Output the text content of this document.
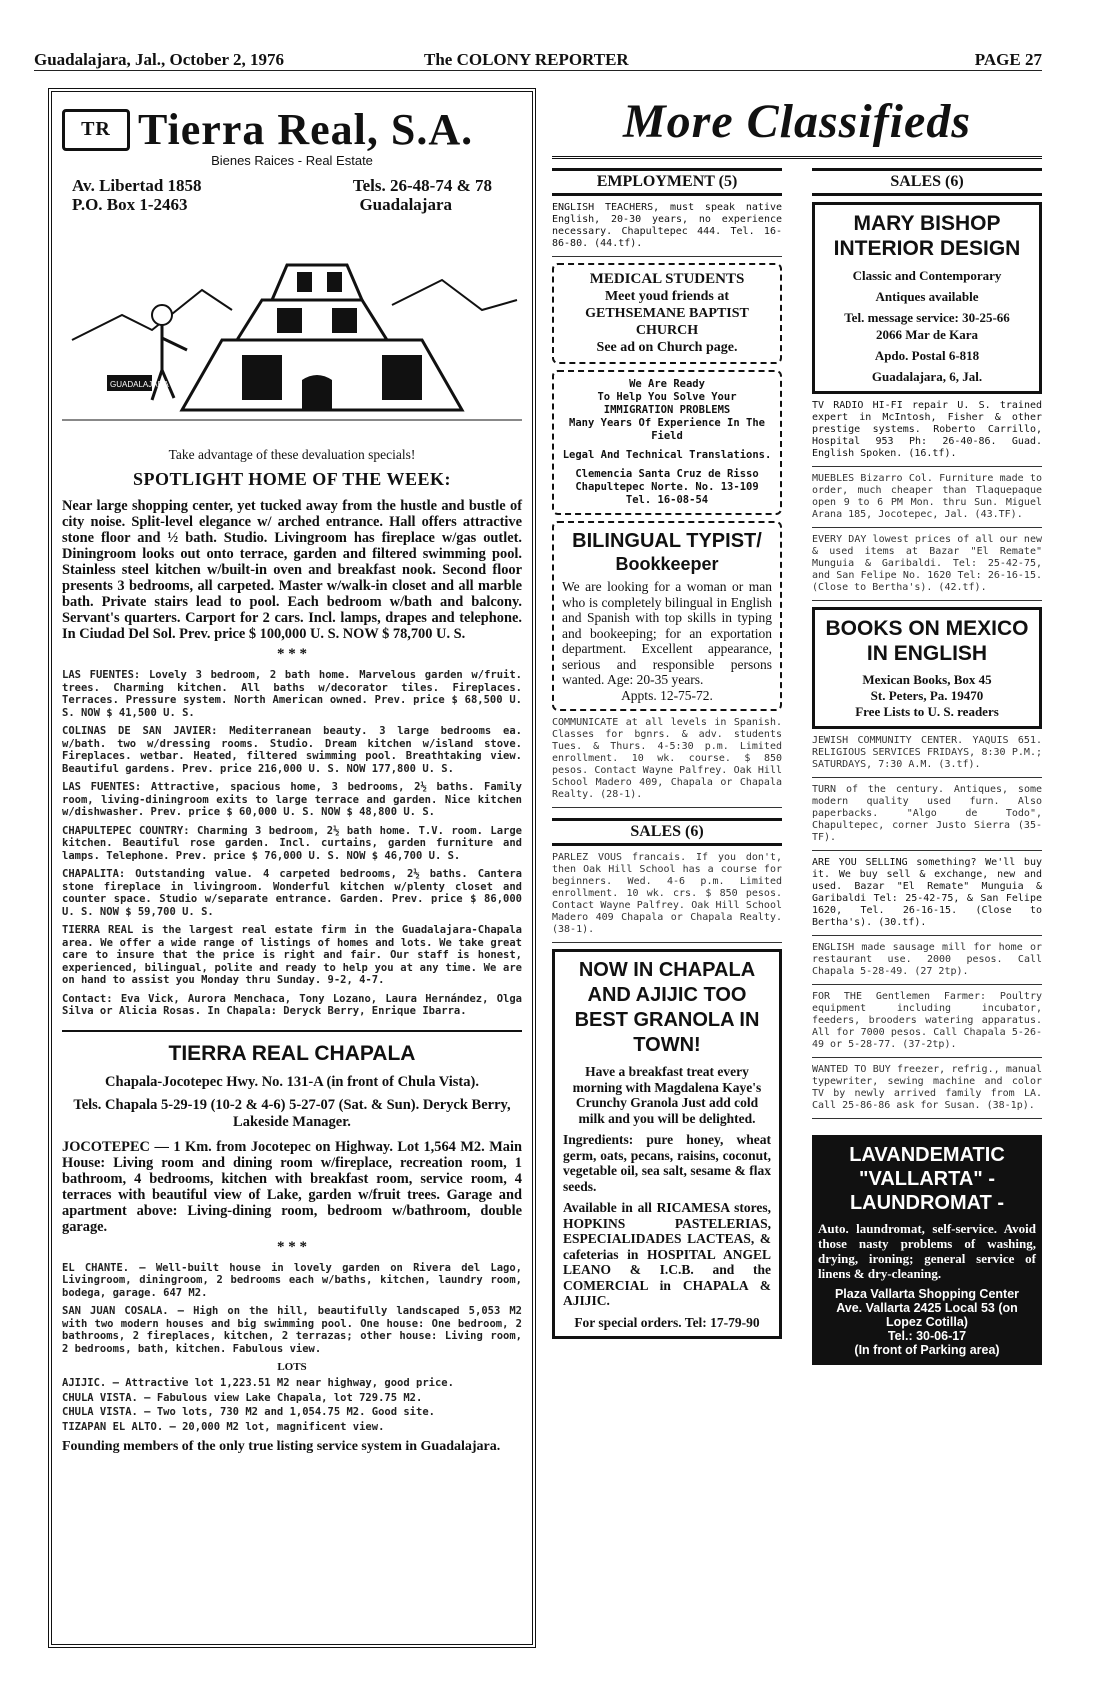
Guadalajara, Jal., October 2, 1976	The COLONY REPORTER	PAGE 27
TR Tierra Real, S.A.
Bienes Raices - Real Estate
Av. Libertad 1858	Tels. 26-48-74 & 78
P.O. Box 1-2463	Guadalajara
GUADALAJARA
Take advantage of these devaluation specials!
SPOTLIGHT HOME OF THE WEEK:
Near large shopping center, yet tucked away from the hustle and bustle of city noise. Split-level elegance w/ arched entrance. Hall offers attractive stone floor and ½ bath. Studio. Livingroom has fireplace w/gas outlet. Diningroom looks out onto terrace, garden and filtered swimming pool. Stainless steel kitchen w/built-in oven and breakfast nook. Second floor presents 3 bedrooms, all carpeted. Master w/walk-in closet and all marble bath. Private stairs lead to pool. Each bedroom w/bath and balcony. Servant's quarters. Carport for 2 cars. Incl. lamps, drapes and telephone. In Ciudad Del Sol. Prev. price $ 100,000 U. S. NOW $ 78,700 U. S.
* * *
LAS FUENTES: Lovely 3 bedroom, 2 bath home. Marvelous garden w/fruit. trees. Charming kitchen. All baths w/decorator tiles. Fireplaces. Terraces. Pressure system. North American owned. Prev. price $ 68,500 U. S. NOW $ 41,500 U. S.
COLINAS DE SAN JAVIER: Mediterranean beauty. 3 large bedrooms ea. w/bath. two w/dressing rooms. Studio. Dream kitchen w/island stove. Fireplaces. wetbar. Heated, filtered swimming pool. Breathtaking view. Beautiful gardens. Prev. price 216,000 U. S. NOW 177,800 U. S.
LAS FUENTES: Attractive, spacious home, 3 bedrooms, 2½ baths. Family room, living-diningroom exits to large terrace and garden. Nice kitchen w/dishwasher. Prev. price $ 60,000 U. S. NOW $ 48,800 U. S.
CHAPULTEPEC COUNTRY: Charming 3 bedroom, 2½ bath home. T.V. room. Large kitchen. Beautiful rose garden. Incl. curtains, garden furniture and lamps. Telephone. Prev. price $ 76,000 U. S. NOW $ 46,700 U. S.
CHAPALITA: Outstanding value. 4 carpeted bedrooms, 2½ baths. Cantera stone fireplace in livingroom. Wonderful kitchen w/plenty closet and counter space. Studio w/separate entrance. Garden. Prev. price $ 86,000 U. S. NOW $ 59,700 U. S.
TIERRA REAL is the largest real estate firm in the Guadalajara-Chapala area. We offer a wide range of listings of homes and lots. We take great care to insure that the price is right and fair. Our staff is honest, experienced, bilingual, polite and ready to help you at any time. We are on hand to assist you Monday thru Sunday. 9-2, 4-7.
Contact: Eva Vick, Aurora Menchaca, Tony Lozano, Laura Hernández, Olga Silva or Alicia Rosas. In Chapala: Deryck Berry, Enrique Ibarra.
TIERRA REAL CHAPALA
Chapala-Jocotepec Hwy. No. 131-A (in front of Chula Vista).
Tels. Chapala 5-29-19 (10-2 & 4-6) 5-27-07 (Sat. & Sun). Deryck Berry, Lakeside Manager.
JOCOTEPEC — 1 Km. from Jocotepec on Highway. Lot 1,564 M2. Main House: Living room and dining room w/fireplace, recreation room, 1 bathroom, 4 bedrooms, kitchen with breakfast room, service room, 4 terraces with beautiful view of Lake, garden w/fruit trees. Garage and apartment above: Living-dining room, bedroom w/bathroom, double garage.
* * *
EL CHANTE. — Well-built house in lovely garden on Rivera del Lago, Livingroom, diningroom, 2 bedrooms each w/baths, kitchen, laundry room, bodega, garage. 647 M2.
SAN JUAN COSALA. — High on the hill, beautifully landscaped 5,053 M2 with two modern houses and big swimming pool. One house: One bedroom, 2 bathrooms, 2 fireplaces, kitchen, 2 terrazas; other house: Living room, 2 bedrooms, bath, kitchen. Fabulous view.
LOTS
AJIJIC. — Attractive lot 1,223.51 M2 near highway, good price.
CHULA VISTA. — Fabulous view Lake Chapala, lot 729.75 M2.
CHULA VISTA. — Two lots, 730 M2 and 1,054.75 M2. Good site.
TIZAPAN EL ALTO. — 20,000 M2 lot, magnificent view.
Founding members of the only true listing service system in Guadalajara.
More Classifieds
EMPLOYMENT (5)
ENGLISH TEACHERS, must speak native English, 20-30 years, no experience necessary. Chapultepec 444. Tel. 16-86-80. (44.tf).
MEDICAL STUDENTS
Meet youd friends at GETHSEMANE BAPTIST CHURCH
See ad on Church page.
We Are Ready
To Help You Solve Your IMMIGRATION PROBLEMS
Many Years Of Experience In The Field
Legal And Technical Translations.
Clemencia Santa Cruz de Risso Chapultepec Norte. No. 13-109 Tel. 16-08-54
BILINGUAL TYPIST/
Bookkeeper
We are looking for a woman or man who is completely bilingual in English and Spanish with top skills in typing and bookeeping; for an exportation department. Excellent appearance, serious and responsible persons wanted. Age: 20-35 years.
Appts. 12-75-72.
COMMUNICATE at all levels in Spanish. Classes for bgnrs. & adv. students Tues. & Thurs. 4-5:30 p.m. Limited enrollment. 10 wk. course. $ 850 pesos. Contact Wayne Palfrey. Oak Hill School Madero 409, Chapala or Chapala Realty. (28-1).
SALES (6)
PARLEZ VOUS francais. If you don't, then Oak Hill School has a course for beginners. Wed. 4-6 p.m. Limited enrollment. 10 wk. crs. $ 850 pesos. Contact Wayne Palfrey. Oak Hill School Madero 409 Chapala or Chapala Realty. (38-1).
NOW IN CHAPALA AND AJIJIC TOO BEST GRANOLA IN TOWN!
Have a breakfast treat every morning with Magdalena Kaye's Crunchy Granola Just add cold milk and you will be delighted.
Ingredients: pure honey, wheat germ, oats, pecans, raisins, coconut, vegetable oil, sea salt, sesame & flax seeds.
Available in all RICAMESA stores, HOPKINS PASTELERIAS, ESPECIALIDADES LACTEAS, & cafeterias in HOSPITAL ANGEL LEANO & I.C.B. and the COMERCIAL in CHAPALA & AJIJIC.
For special orders. Tel: 17-79-90
SALES (6)
MARY BISHOP INTERIOR DESIGN
Classic and Contemporary
Antiques available
Tel. message service: 30-25-66
2066 Mar de Kara
Apdo. Postal 6-818
Guadalajara, 6, Jal.
TV RADIO HI-FI repair U. S. trained expert in McIntosh, Fisher & other prestige systems. Roberto Carrillo, Hospital 953 Ph: 26-40-86. Guad. English Spoken. (16.tf).
MUEBLES Bizarro Col. Furniture made to order, much cheaper than Tlaquepaque open 9 to 6 PM Mon. thru Sun. Miguel Arana 185, Jocotepec, Jal. (43.TF).
EVERY DAY lowest prices of all our new & used items at Bazar "El Remate" Munguia & Garibaldi. Tel: 25-42-75, and San Felipe No. 1620 Tel: 26-16-15. (Close to Bertha's). (42.tf).
BOOKS ON MEXICO IN ENGLISH
Mexican Books, Box 45
St. Peters, Pa. 19470
Free Lists to U. S. readers
JEWISH COMMUNITY CENTER. YAQUIS 651. RELIGIOUS SERVICES FRIDAYS, 8:30 P.M.; SATURDAYS, 7:30 A.M. (3.tf).
TURN of the century. Antiques, some modern quality used furn. Also paperbacks. "Algo de Todo", Chapultepec, corner Justo Sierra (35-TF).
ARE YOU SELLING something? We'll buy it. We buy sell & exchange, new and used. Bazar "El Remate" Munguia & Garibaldi Tel: 25-42-75, & San Felipe 1620, Tel. 26-16-15. (Close to Bertha's). (30.tf).
ENGLISH made sausage mill for home or restaurant use. 2000 pesos. Call Chapala 5-28-49. (27 2tp).
FOR THE Gentlemen Farmer: Poultry equipment including incubator, feeders, brooders watering apparatus. All for 7000 pesos. Call Chapala 5-26-49 or 5-28-77. (37-2tp).
WANTED TO BUY freezer, refrig., manual typewriter, sewing machine and color TV by newly arrived family from LA. Call 25-86-86 ask for Susan. (38-1p).
LAVANDEMATIC "VALLARTA" - LAUNDROMAT -
Auto. laundromat, self-service. Avoid those nasty problems of washing, drying, ironing; general service of linens & dry-cleaning.
Plaza Vallarta Shopping Center
Ave. Vallarta 2425 Local 53 (on Lopez Cotilla)
Tel.: 30-06-17
(In front of Parking area)
